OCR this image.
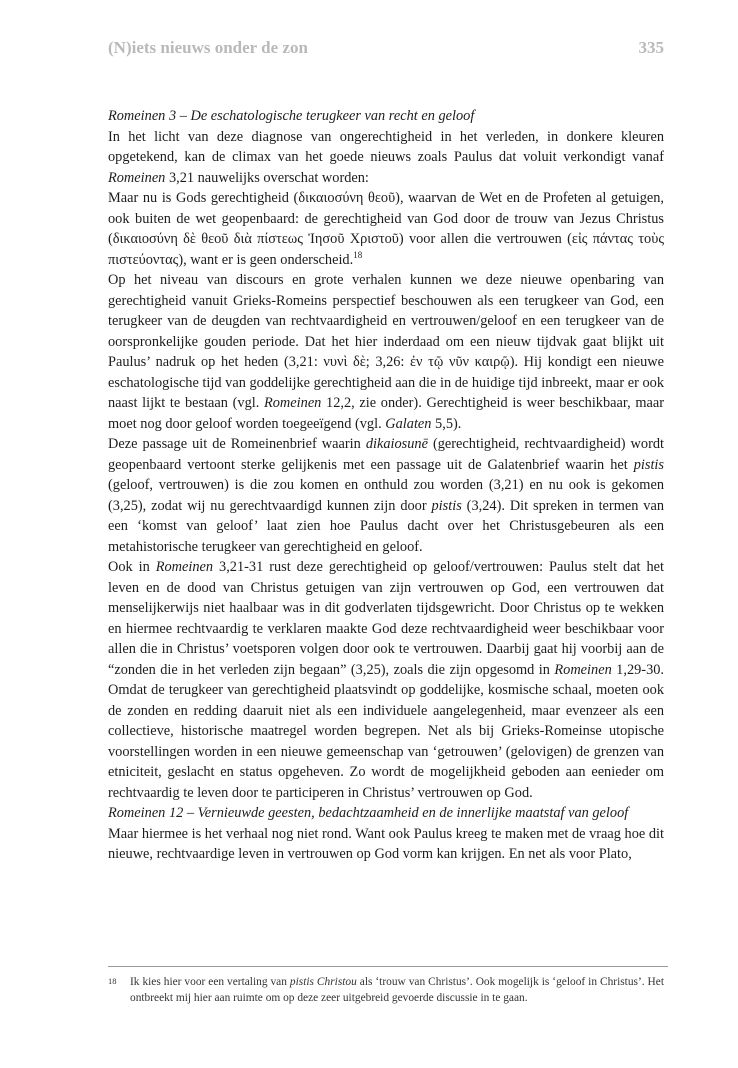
(N)iets nieuws onder de zon	335

Romeinen 3 – De eschatologische terugkeer van recht en geloof

In het licht van deze diagnose van ongerechtigheid in het verleden, in donkere kleuren opgetekend, kan de climax van het goede nieuws zoals Paulus dat voluit verkondigt vanaf Romeinen 3,21 nauwelijks overschat worden:

Maar nu is Gods gerechtigheid (δικαιοσύνη θεοῦ), waarvan de Wet en de Profeten al getuigen, ook buiten de wet geopenbaard: de gerechtigheid van God door de trouw van Jezus Christus (δικαιοσύνη δὲ θεοῦ διὰ πίστεως Ἰησοῦ Χριστοῦ) voor allen die vertrouwen (εἰς πάντας τοὺς πιστεύοντας), want er is geen onderscheid.$^{18}$

Op het niveau van discours en grote verhalen kunnen we deze nieuwe openbaring van gerechtigheid vanuit Grieks-Romeins perspectief beschouwen als een terugkeer van God, een terugkeer van de deugden van rechtvaardigheid en vertrouwen/geloof en een terugkeer van de oorspronkelijke gouden periode. Dat het hier inderdaad om een nieuw tijdvak gaat blijkt uit Paulus’ nadruk op het heden (3,21: νυνὶ δὲ; 3,26: ἐν τῷ νῦν καιρῷ). Hij kondigt een nieuwe eschatologische tijd van goddelijke gerechtigheid aan die in de huidige tijd inbreekt, maar er ook naast lijkt te bestaan (vgl. Romeinen 12,2, zie onder). Gerechtigheid is weer beschikbaar, maar moet nog door geloof worden toegeeïgend (vgl. Galaten 5,5).

Deze passage uit de Romeinenbrief waarin dikaiosunē (gerechtigheid, rechtvaardigheid) wordt geopenbaard vertoont sterke gelijkenis met een passage uit de Galatenbrief waarin het pistis (geloof, vertrouwen) is die zou komen en onthuld zou worden (3,21) en nu ook is gekomen (3,25), zodat wij nu gerechtvaardigd kunnen zijn door pistis (3,24). Dit spreken in termen van een ‘komst van geloof’ laat zien hoe Paulus dacht over het Christusgebeuren als een metahistorische terugkeer van gerechtigheid en geloof.

Ook in Romeinen 3,21-31 rust deze gerechtigheid op geloof/vertrouwen: Paulus stelt dat het leven en de dood van Christus getuigen van zijn vertrouwen op God, een vertrouwen dat menselijkerwijs niet haalbaar was in dit godverlaten tijdsgewricht. Door Christus op te wekken en hiermee rechtvaardig te verklaren maakte God deze rechtvaardigheid weer beschikbaar voor allen die in Christus’ voetsporen volgen door ook te vertrouwen. Daarbij gaat hij voorbij aan de “zonden die in het verleden zijn begaan” (3,25), zoals die zijn opgesomd in Romeinen 1,29-30. Omdat de terugkeer van gerechtigheid plaatsvindt op goddelijke, kosmische schaal, moeten ook de zonden en redding daaruit niet als een individuele aangelegenheid, maar evenzeer als een collectieve, historische maatregel worden begrepen. Net als bij Grieks-Romeinse utopische voorstellingen worden in een nieuwe gemeenschap van ‘getrouwen’ (gelovigen) de grenzen van etniciteit, geslacht en status opgeheven. Zo wordt de mogelijkheid geboden aan eenieder om rechtvaardig te leven door te participeren in Christus’ vertrouwen op God.

Romeinen 12 – Vernieuwde geesten, bedachtzaamheid en de innerlijke maatstaf van geloof

Maar hiermee is het verhaal nog niet rond. Want ook Paulus kreeg te maken met de vraag hoe dit nieuwe, rechtvaardige leven in vertrouwen op God vorm kan krijgen. En net als voor Plato,

18	Ik kies hier voor een vertaling van pistis Christou als ‘trouw van Christus’. Ook mogelijk is ‘geloof in Christus’. Het ontbreekt mij hier aan ruimte om op deze zeer uitgebreid gevoerde discussie in te gaan.
